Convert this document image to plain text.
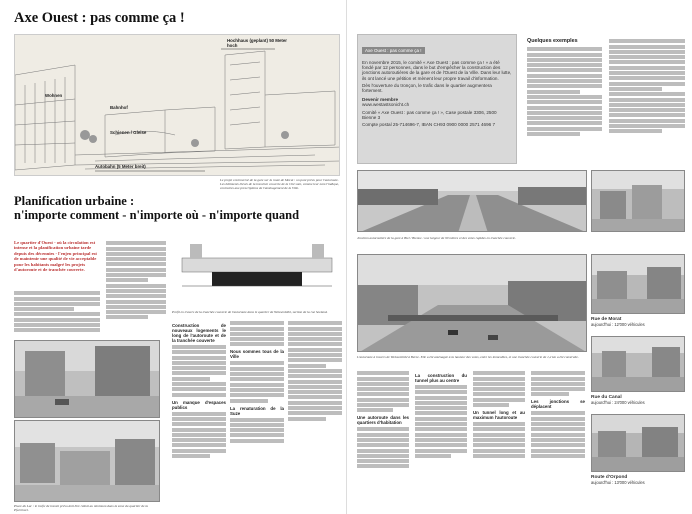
Axe Ouest : pas comme ça !
Hochhaus (geplant) 50 Meter hoch
Wohnen
Bahnhof
Schienen / Gleise
Autobahn (5 Meter breit)
Le projet controversé de la gare sur la route de Morat : un pont prévu pour l'autoroute. Les bâtiments élevés de la tranchée couverte de la Cité sont, comme leur nom l'indique, contraires aux prescriptions de l'aménagement de la Ville.
Planification urbaine :
n'importe comment - n'importe où - n'importe quand
Le quartier d'Ouest - où la circulation est intense et la planification urbaine tarde depuis des décennies - l'enjeu principal est de maintenir une qualité de vie acceptable pour les habitants malgré les projets d'autoroute et de tranchée couverte.
Place du Lac : le trafic de transit prévu doit être réduit au minimum dans la zone du quartier de la Pfarrinsel.
Profil en travers de la tranchée couverte de l'autoroute dans le quartier de Weissenbühl, section de la rue Seeland.
Construction de nouveaux logements le long de l'autoroute et de la tranchée couverte
Un manque d'espaces publics
Nous sommes tous de la Ville
La renaturation de la Suze
Axe Ouest : pas comme ça !
En novembre 2015, le comité « Axe Ouest : pas comme ça ! » a été fondé par 12 personnes, dans le but d'empêcher la construction des jonctions autoroutières de la gare et de l'Ouest de la Ville. Dans leur lutte, ils ont lancé une pétition et mènent leur propre travail d'information.
Dès l'ouverture du tronçon, le trafic dans le quartier augmentera fortement.
Devenir membre
www.westastsonicht.ch
Comité « Axe Ouest : pas comme ça ! », Case postale 3306, 2500 Bienne 3
Compte postal 25-714696-7, IBAN CH93 0900 0000 2571 4696 7
Quelques exemples
Jonction autoroutière de la gare à Biel / Bienne : une largeur de 90 mètres et des voies rapides en tranchée couverte.
L'autoroute à travers de Weissenbühl à Berne. Elle a été aménagée à la hauteur des voies, entre les immeubles, et une tranchée couverte de 1,2 km a été construite.
Rue de Morat
aujourd'hui : 12'000 véhicules
Rue du Canal
aujourd'hui : 24'000 véhicules
Une autoroute dans les quartiers d'habitation
La construction du tunnel plus au centre
Un tunnel long et au maximum l'autoroute
Les jonctions se déplacent
Route d'Orpond
aujourd'hui : 13'000 véhicules
